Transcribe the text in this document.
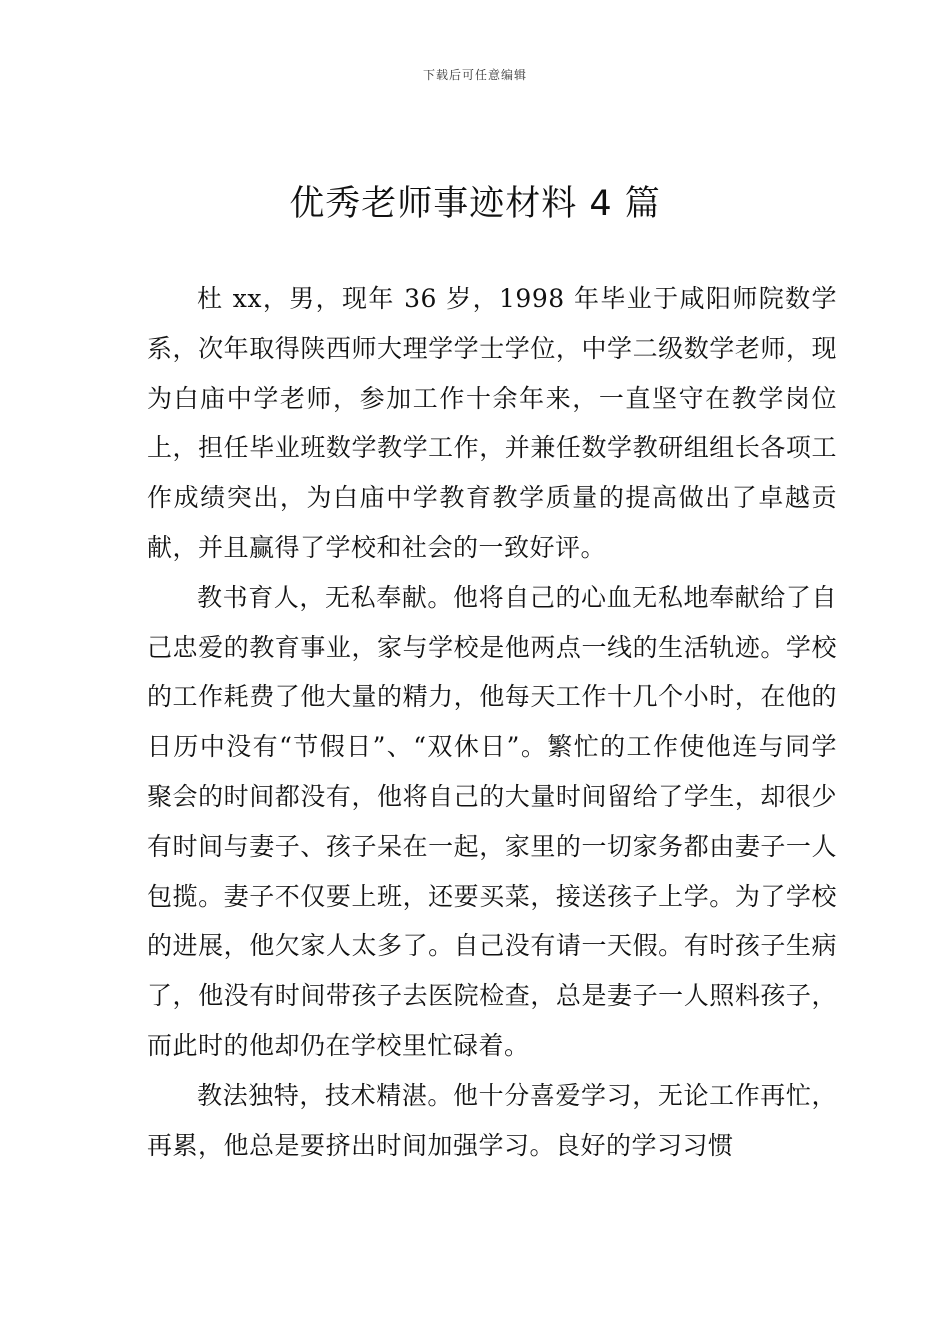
下载后可任意编辑
优秀老师事迹材料 4 篇

杜 xx，男，现年 36 岁，1998 年毕业于咸阳师院数学系，次年取得陕西师大理学学士学位，中学二级数学老师，现为白庙中学老师，参加工作十余年来，一直坚守在教学岗位上，担任毕业班数学教学工作，并兼任数学教研组组长各项工作成绩突出，为白庙中学教育教学质量的提高做出了卓越贡献，并且赢得了学校和社会的一致好评。

教书育人，无私奉献。他将自己的心血无私地奉献给了自己忠爱的教育事业，家与学校是他两点一线的生活轨迹。学校的工作耗费了他大量的精力，他每天工作十几个小时，在他的日历中没有“节假日”、“双休日”。繁忙的工作使他连与同学聚会的时间都没有，他将自己的大量时间留给了学生，却很少有时间与妻子、孩子呆在一起，家里的一切家务都由妻子一人包揽。妻子不仅要上班，还要买菜，接送孩子上学。为了学校的进展，他欠家人太多了。自己没有请一天假。有时孩子生病了，他没有时间带孩子去医院检查，总是妻子一人照料孩子，而此时的他却仍在学校里忙碌着。

教法独特，技术精湛。他十分喜爱学习，无论工作再忙，再累，他总是要挤出时间加强学习。良好的学习习惯
